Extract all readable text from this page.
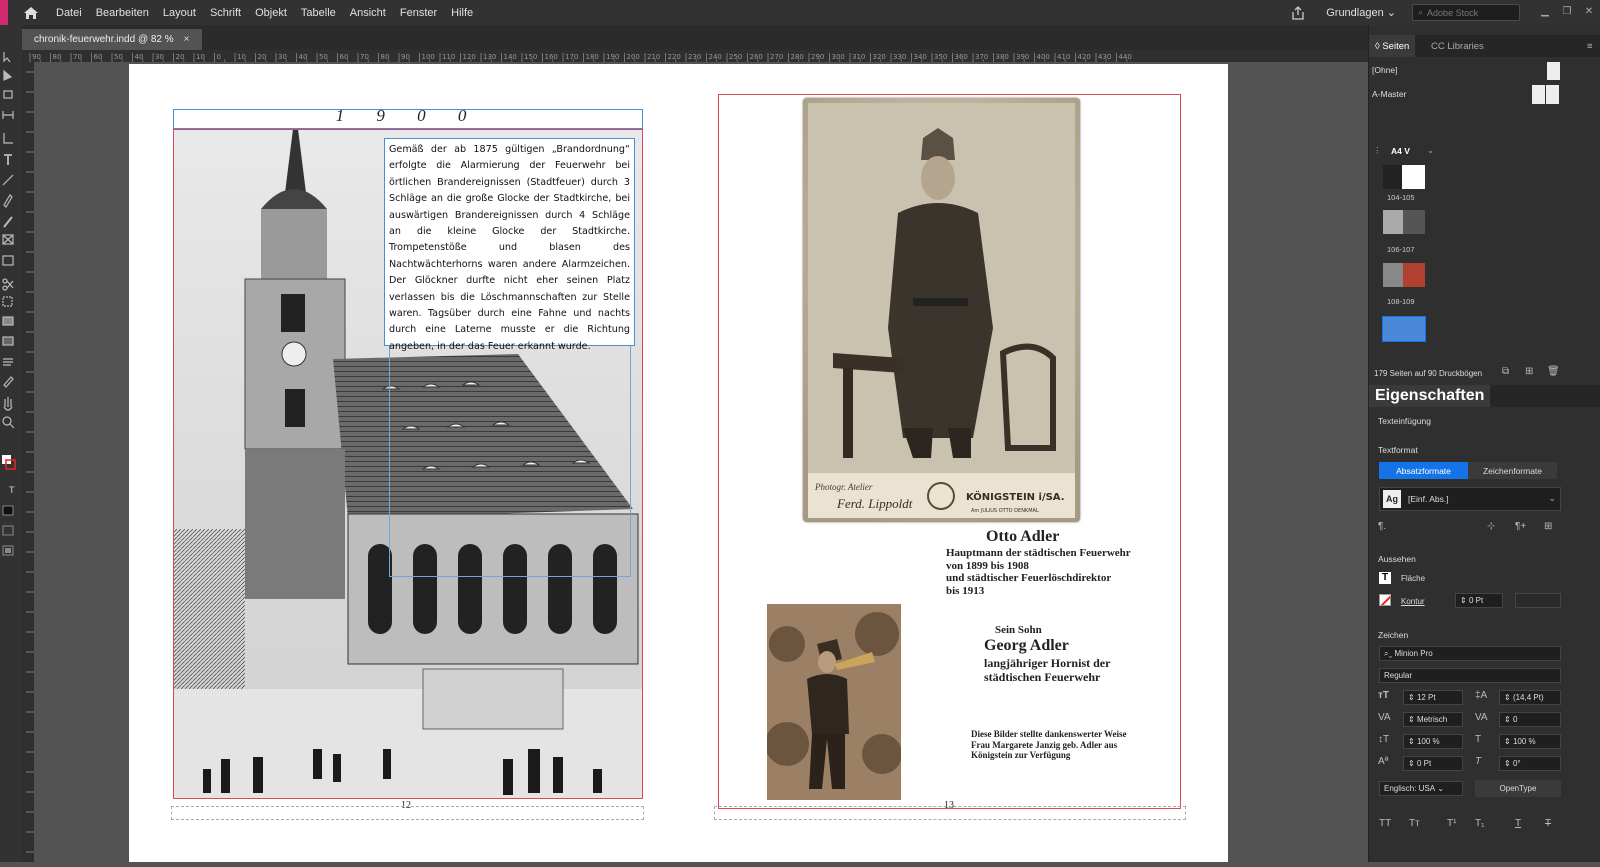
Datei Bearbeiten Layout Schrift Objekt Tabelle Ansicht Fenster Hilfe	Grundlagen ⌄ ⌕ Adobe Stock	▁	❐	✕
T
chronik-feuerwehr.indd @ 82 % ×
90 80 70 60 50 40 30 20 10 0 10 20 30 40 50 60 70 80 90 100 110 120 130 140 150 160 170 180 190 200 210 220 230 240 250 260 270 280 290 300 310 320 330 340 350 360 370 380 390 400 410 420 430 440
1 9 0 0
Gemäß der ab 1875 gültigen „Brandordnung“ erfolgte die Alarmierung der Feuerwehr bei örtlichen Brandereignissen (Stadtfeuer) durch 3 Schläge an die große Glocke der Stadtkirche, bei auswärtigen Brandereignissen durch 4 Schläge an die kleine Glocke der Stadtkirche. Trompetenstöße und blasen des Nachtwächterhorns waren andere Alarmzeichen. Der Glöckner durfte nicht eher seinen Platz verlassen bis die Löschmannschaften zur Stelle waren. Tagsüber durch eine Fahne und nachts durch eine Laterne musste er die Richtung angeben, in der das Feuer erkannt wurde.
12
Photogr. Atelier
Ferd. Lippoldt	KÖNIGSTEIN i/SA.
Am JULIUS OTTO DENKMAL
Otto Adler
Hauptmann der städtischen Feuerwehr
von 1899 bis 1908
und städtischer Feuerlöschdirektor
bis 1913
Sein Sohn
Georg Adler
langjähriger Hornist der
städtischen Feuerwehr
Diese Bilder stellte dankenswerter Weise
Frau Margarete Janzig geb. Adler aus
Königstein zur Verfügung
13
◊ Seiten	CC Libraries	≡
[Ohne]
A-Master
⋮ A4 V ⌄
104-105
106-107
108-109
179 Seiten auf 90 Druckbögen ⧉ ⊞ 🗑
Eigenschaften
Texteinfügung
Textformat
Absatzformate	Zeichenformate
Ag	[Einf. Abs.]	⌄
¶.	⊹ ¶+ ⊞
Aussehen
T	Fläche
Kontur	⇕ 0 Pt
Zeichen
⌕⌄ Minion Pro
Regular
ᴛT	⇕ 12 Pt	‡A	⇕ (14,4 Pt)
VA	⇕ Metrisch	VA	⇕ 0
↕T	⇕ 100 %	T	⇕ 100 %
Aª	⇕ 0 Pt	T	⇕ 0°
Englisch: USA ⌄	OpenType
TT Tᴛ	T¹ T₁	T T
